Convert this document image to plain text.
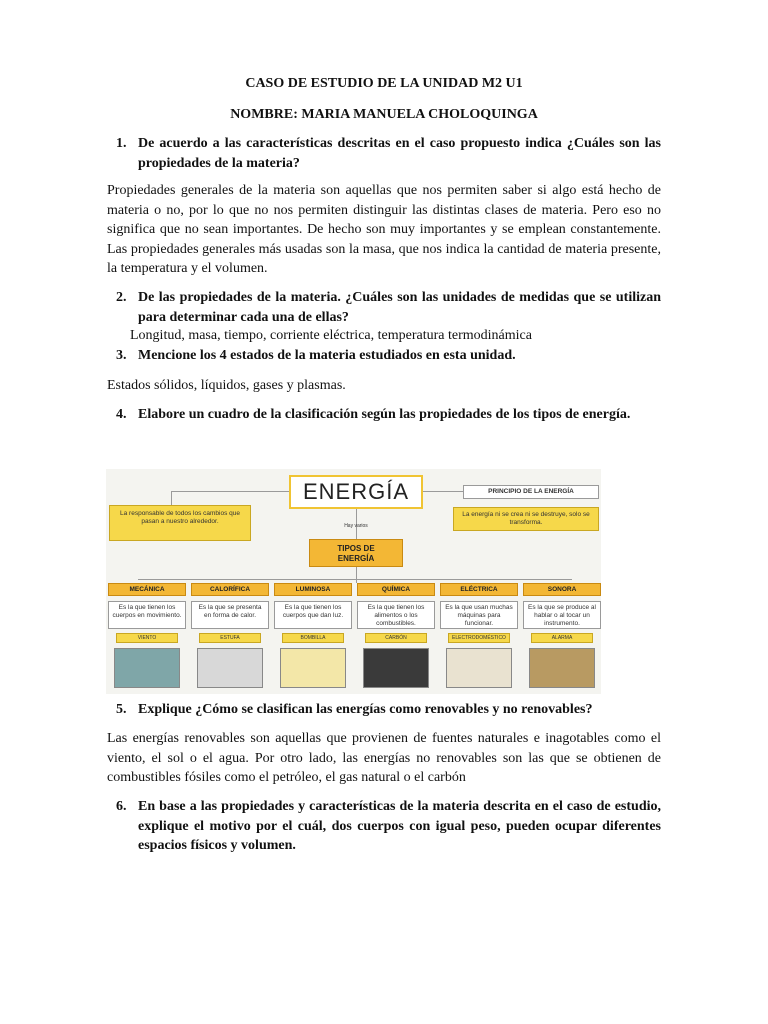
CASO DE ESTUDIO DE LA UNIDAD M2 U1
NOMBRE: MARIA MANUELA CHOLOQUINGA
1. De acuerdo a las características descritas en el caso propuesto indica ¿Cuáles son las propiedades de la materia?
Propiedades generales de la materia son aquellas que nos permiten saber si algo está hecho de materia o no, por lo que no nos permiten distinguir las distintas clases de materia. Pero eso no significa que no sean importantes. De hecho son muy importantes y se emplean constantemente. Las propiedades generales más usadas son la masa, que nos indica la cantidad de materia presente, la temperatura y el volumen.
2. De las propiedades de la materia. ¿Cuáles son las unidades de medidas que se utilizan para determinar cada una de ellas?
Longitud, masa, tiempo, corriente eléctrica, temperatura termodinámica
3. Mencione los 4 estados de la materia estudiados en esta unidad.
Estados sólidos, líquidos, gases y plasmas.
4. Elabore un cuadro de la clasificación según las propiedades de los tipos de energía.
ENERGÍA
La responsable de todos los cambios que pasan a nuestro alrededor.
PRINCIPIO DE LA ENERGÍA
La energía ni se crea ni se destruye, solo se transforma.
Hay varios
TIPOS DE ENERGÍA
MECÁNICA
Es la que tienen los cuerpos en movimiento.
VIENTO
CALORÍFICA
Es la que se presenta en forma de calor.
ESTUFA
LUMINOSA
Es la que tienen los cuerpos que dan luz.
BOMBILLA
QUÍMICA
Es la que tienen los alimentos o los combustibles.
CARBÓN
ELÉCTRICA
Es la que usan muchas máquinas para funcionar.
ELECTRODOMÉSTICO
SONORA
Es la que se produce al hablar o al tocar un instrumento.
ALARMA
5. Explique ¿Cómo se clasifican las energías como renovables y no renovables?
Las energías renovables son aquellas que provienen de fuentes naturales e inagotables como el viento, el sol o el agua. Por otro lado, las energías no renovables son las que se obtienen de combustibles fósiles como el petróleo, el gas natural o el carbón
6. En base a las propiedades y características de la materia descrita en el caso de estudio, explique el motivo por el cuál, dos cuerpos con igual peso, pueden ocupar diferentes espacios físicos y volumen.
